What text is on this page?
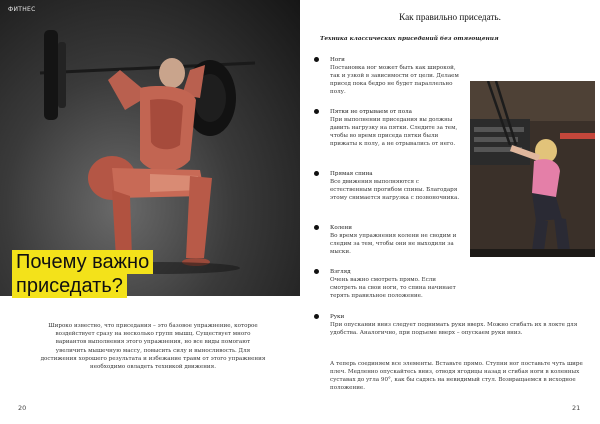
ФИТНЕС
Почему важно
приседать?
Широко известно, что приседания – это базовое упражнение, которое воздействует сразу на несколько групп мышц. Существует много вариантов выполнения этого упражнения, но все виды помогают увеличить мышечную массу, повысить силу и выносливость. Для достижения хорошего результата и избежание травм от этого упражнения необходимо овладеть техникой движения.
20
Как правильно приседать.
Техника классических приседаний без отягощения
Ноги
Постановка ног может быть как широкой, так и узкой в зависимости от цели. Делаем присед пока бедро не будет параллельно полу.
Пятки не отрываем от пола
При выполнении приседания вы должны давить нагрузку на пятки. Следите за тем, чтобы во время приседа пятки были прижаты к полу, а не отрывались от него.
Прямая спина
Все движения выполняются с естественным прогибом спины. Благодаря этому снимается нагрузка с позвоночника.
Колени
Во время упражнения колени не сводим и следим за тем, чтобы они не выходили за мыски.
Взгляд
Очень важно смотреть прямо. Если смотреть на свои ноги, то спина начинает терять правильное положение.
Руки
При опускании вниз следует поднимать руки вверх. Можно сгибать их в локте для удобства. Аналогично, при подъеме вверх – опускаем руки вниз.
А теперь соединяем все элементы. Вставьте прямо. Ступни ног поставьте чуть шире плеч. Медленно опускайтесь вниз, отводя ягодицы назад и сгибая ноги в коленных суставах до угла 90°, как бы садясь на невидимый стул. Возвращаемся в исходное положение.
21
